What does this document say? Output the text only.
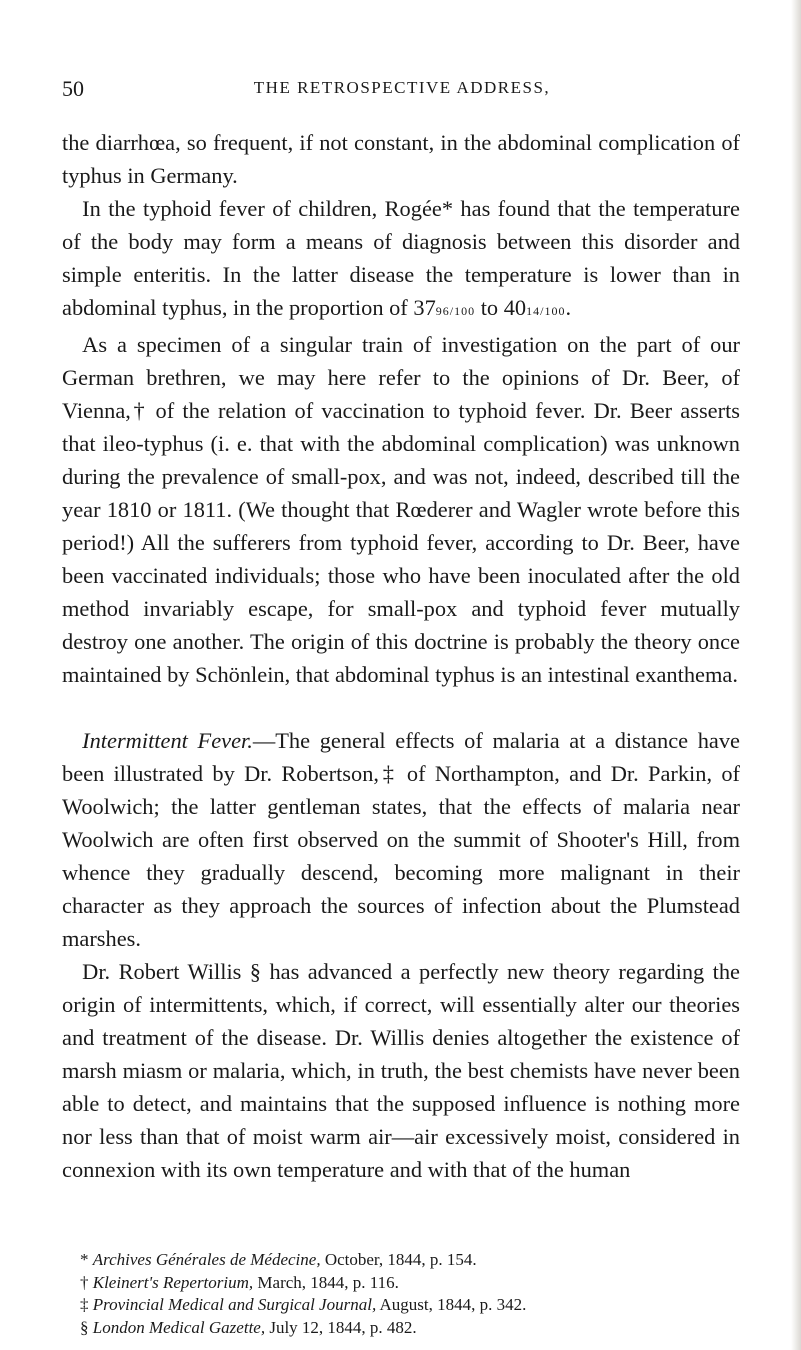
50	THE RETROSPECTIVE ADDRESS,

the diarrhœa, so frequent, if not constant, in the abdominal complication of typhus in Germany.

In the typhoid fever of children, Rogée* has found that the temperature of the body may form a means of diagnosis between this disorder and simple enteritis. In the latter disease the temperature is lower than in abdominal typhus, in the proportion of 3796/100 to 4014/100.

As a specimen of a singular train of investigation on the part of our German brethren, we may here refer to the opinions of Dr. Beer, of Vienna,† of the relation of vaccination to typhoid fever. Dr. Beer asserts that ileo-typhus (i. e. that with the abdominal complication) was unknown during the prevalence of small-pox, and was not, indeed, described till the year 1810 or 1811. (We thought that Rœderer and Wagler wrote before this period!) All the sufferers from typhoid fever, according to Dr. Beer, have been vaccinated individuals; those who have been inoculated after the old method invariably escape, for small-pox and typhoid fever mutually destroy one another. The origin of this doctrine is probably the theory once maintained by Schönlein, that abdominal typhus is an intestinal exanthema.

Intermittent Fever.—The general effects of malaria at a distance have been illustrated by Dr. Robertson,‡ of Northampton, and Dr. Parkin, of Woolwich; the latter gentleman states, that the effects of malaria near Woolwich are often first observed on the summit of Shooter's Hill, from whence they gradually descend, becoming more malignant in their character as they approach the sources of infection about the Plumstead marshes.

Dr. Robert Willis § has advanced a perfectly new theory regarding the origin of intermittents, which, if correct, will essentially alter our theories and treatment of the disease. Dr. Willis denies altogether the existence of marsh miasm or malaria, which, in truth, the best chemists have never been able to detect, and maintains that the supposed influence is nothing more nor less than that of moist warm air—air excessively moist, considered in connexion with its own temperature and with that of the human

* Archives Générales de Médecine, October, 1844, p. 154.
† Kleinert's Repertorium, March, 1844, p. 116.
‡ Provincial Medical and Surgical Journal, August, 1844, p. 342.
§ London Medical Gazette, July 12, 1844, p. 482.
